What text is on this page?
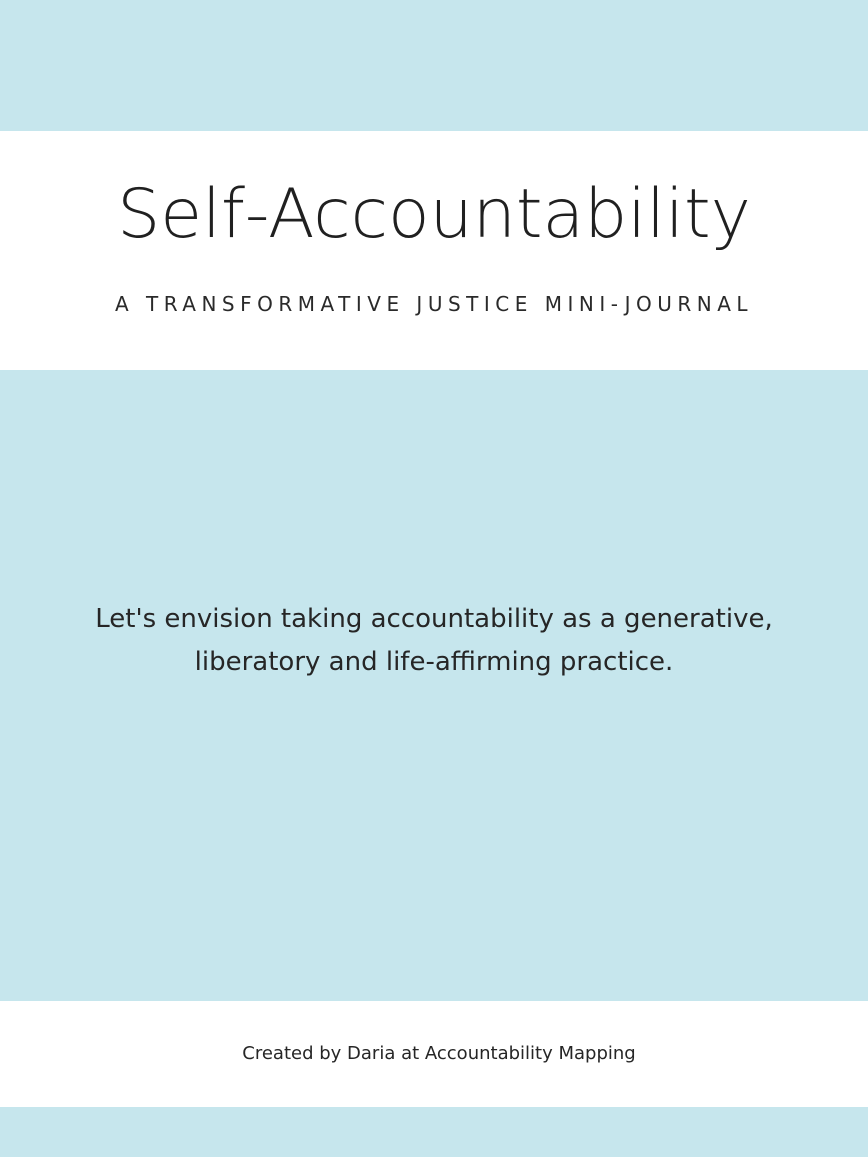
Self-Accountability

A TRANSFORMATIVE JUSTICE MINI-JOURNAL

Let's envision taking accountability as a generative, liberatory and life-affirming practice.

Created by Daria at Accountability Mapping
